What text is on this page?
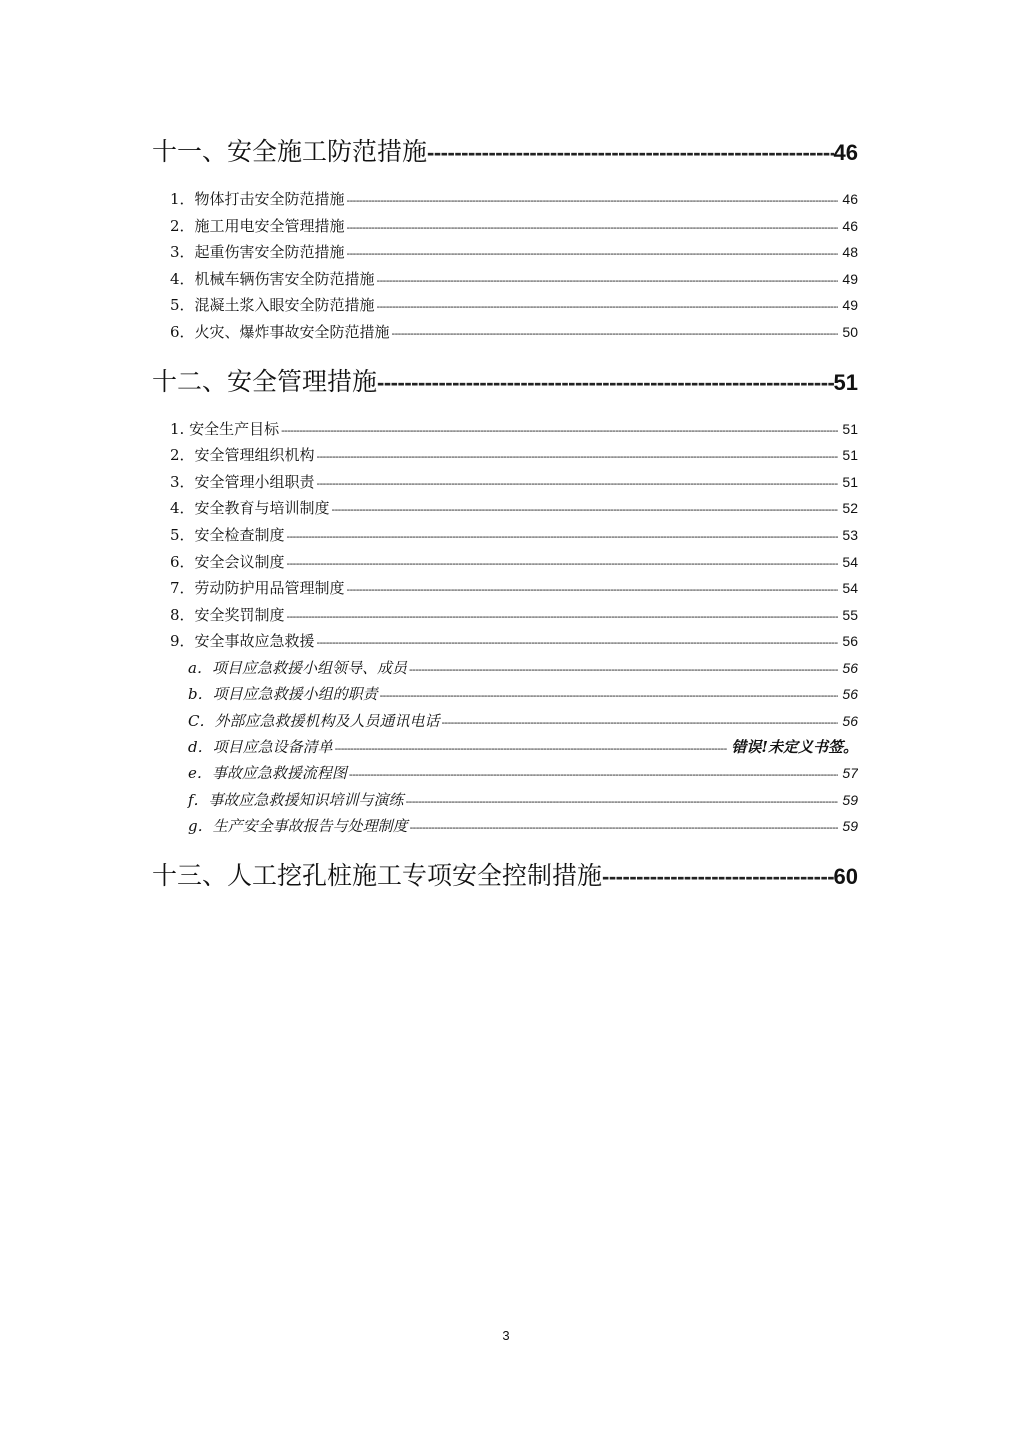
十一、安全施工防范措施 -----	46
1．物体打击安全防范措施 -----	46
2．施工用电安全管理措施 -----	46
3．起重伤害安全防范措施 -----	48
4．机械车辆伤害安全防范措施 -----	49
5．混凝土浆入眼安全防范措施 -----	49
6．火灾、爆炸事故安全防范措施 -----	50
十二、安全管理措施 -----	51
1. 安全生产目标 -----	51
2．安全管理组织机构 -----	51
3．安全管理小组职责 -----	51
4．安全教育与培训制度 -----	52
5．安全检查制度 -----	53
6．安全会议制度 -----	54
7．劳动防护用品管理制度 -----	54
8．安全奖罚制度 -----	55
9．安全事故应急救援 -----	56
a．项目应急救援小组领导、成员 -----	56
b．项目应急救援小组的职责 -----	56
C．外部应急救援机构及人员通讯电话 -----	56
d．项目应急设备清单 -----	错误!未定义书签。
e．事故应急救援流程图 -----	57
f．事故应急救援知识培训与演练 -----	59
g．生产安全事故报告与处理制度 -----	59
十三、人工挖孔桩施工专项安全控制措施 -----	60
3
